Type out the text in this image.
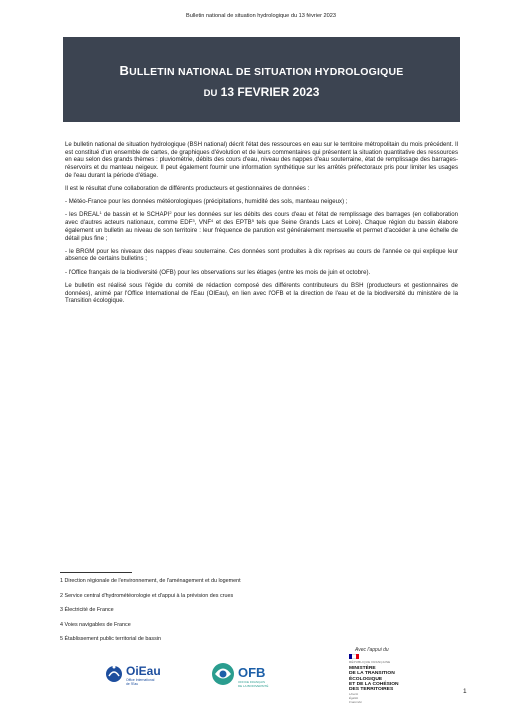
Bulletin national de situation hydrologique du 13 février 2023
BULLETIN NATIONAL DE SITUATION HYDROLOGIQUE
DU 13 FEVRIER 2023

Le bulletin national de situation hydrologique (BSH national) décrit l'état des ressources en eau sur le territoire métropolitain du mois précédent. Il est constitué d'un ensemble de cartes, de graphiques d'évolution et de leurs commentaires qui présentent la situation quantitative des ressources en eau selon des grands thèmes : pluviométrie, débits des cours d'eau, niveau des nappes d'eau souterraine, état de remplissage des barrages-réservoirs et du manteau neigeux. Il peut également fournir une information synthétique sur les arrêtés préfectoraux pris pour limiter les usages de l'eau durant la période d'étiage.

Il est le résultat d'une collaboration de différents producteurs et gestionnaires de données :

- Météo-France pour les données météorologiques (précipitations, humidité des sols, manteau neigeux) ;

- les DREAL$^1$ de bassin et le SCHAPI$^2$ pour les données sur les débits des cours d'eau et l'état de remplissage des barrages (en collaboration avec d'autres acteurs nationaux, comme EDF$^3$, VNF$^4$ et des EPTB$^5$ tels que Seine Grands Lacs et Loire). Chaque région du bassin élabore également un bulletin au niveau de son territoire : leur fréquence de parution est généralement mensuelle et permet d'accéder à une échelle de détail plus fine ;

- le BRGM pour les niveaux des nappes d'eau souterraine. Ces données sont produites à dix reprises au cours de l'année ce qui explique leur absence de certains bulletins ;

- l'Office français de la biodiversité (OFB) pour les observations sur les étiages (entre les mois de juin et octobre).

Le bulletin est réalisé sous l'égide du comité de rédaction composé des différents contributeurs du BSH (producteurs et gestionnaires de données), animé par l'Office International de l'Eau (OIEau), en lien avec l'OFB et la direction de l'eau et de la biodiversité du ministère de la Transition écologique.

1 Direction régionale de l'environnement, de l'aménagement et du logement
2 Service central d'hydrométéorologie et d'appui à la prévision des crues
3 Électricité de France
4 Voies navigables de France
5 Établissement public territorial de bassin
Avec l'appui du
OiEau
Office International
de l'Eau
OFB
OFFICE FRANÇAIS
DE LA BIODIVERSITÉ
RÉPUBLIQUE FRANÇAISE
MINISTÈRE
DE LA TRANSITION
ÉCOLOGIQUE
ET DE LA COHÉSION
DES TERRITOIRES
Liberté
Égalité
Fraternité
1
